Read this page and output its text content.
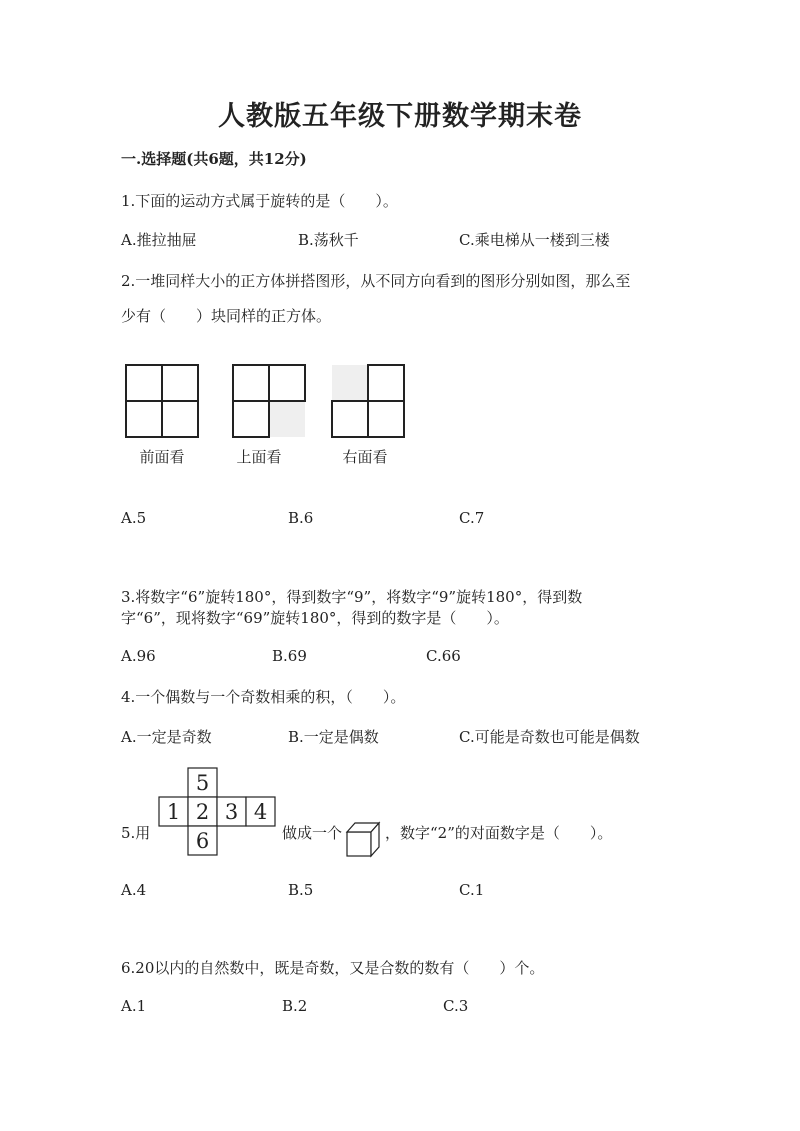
人教版五年级下册数学期末卷
一.选择题(共6题，共12分)
1.下面的运动方式属于旋转的是（　　）。
A.推拉抽屉	B.荡秋千	C.乘电梯从一楼到三楼
2.一堆同样大小的正方体拼搭图形，从不同方向看到的图形分别如图，那么至
少有（　　）块同样的正方体。
前面看	上面看	右面看
A.5	B.6	C.7
3.将数字“6”旋转180°，得到数字“9”，将数字“9”旋转180°，得到数
字“6”，现将数字“69”旋转180°，得到的数字是（　　）。
A.96	B.69	C.66
4.一个偶数与一个奇数相乘的积，（　　）。
A.一定是奇数	B.一定是偶数	C.可能是奇数也可能是偶数
5.用
5
1 2 3 4
6	做成一个	，数字“2”的对面数字是（　　）。
A.4	B.5	C.1
6.20以内的自然数中，既是奇数，又是合数的数有（　　）个。
A.1	B.2	C.3
